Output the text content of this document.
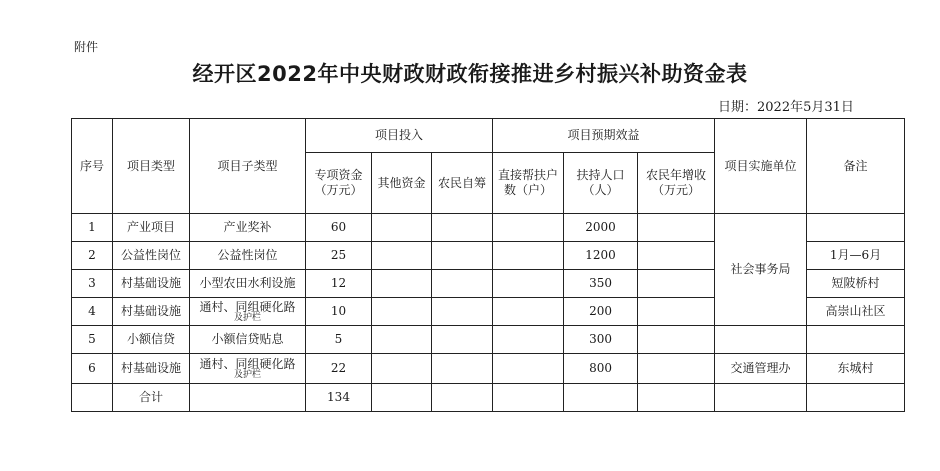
附件
经开区2022年中央财政财政衔接推进乡村振兴补助资金表
日期：2022年5月31日
序号	项目类型	项目子类型	项目投入			项目预期效益			项目实施单位	备注
			专项资金（万元）	其他资金	农民自筹	直接帮扶户数（户）	扶持人口（人）	农民年增收（万元）		
1	产业项目	产业奖补	60				2000		社会事务局	
2	公益性岗位	公益性岗位	25				1200			1月—6月
3	村基础设施	小型农田水利设施	12				350			短陂桥村
4	村基础设施	通村、同组硬化路
及护栏	10				200			高崇山社区
5	小额信贷	小额信贷贴息	5				300			
6	村基础设施	通村、同组硬化路
及护栏	22				800		交通管理办	东城村
	合计		134							
